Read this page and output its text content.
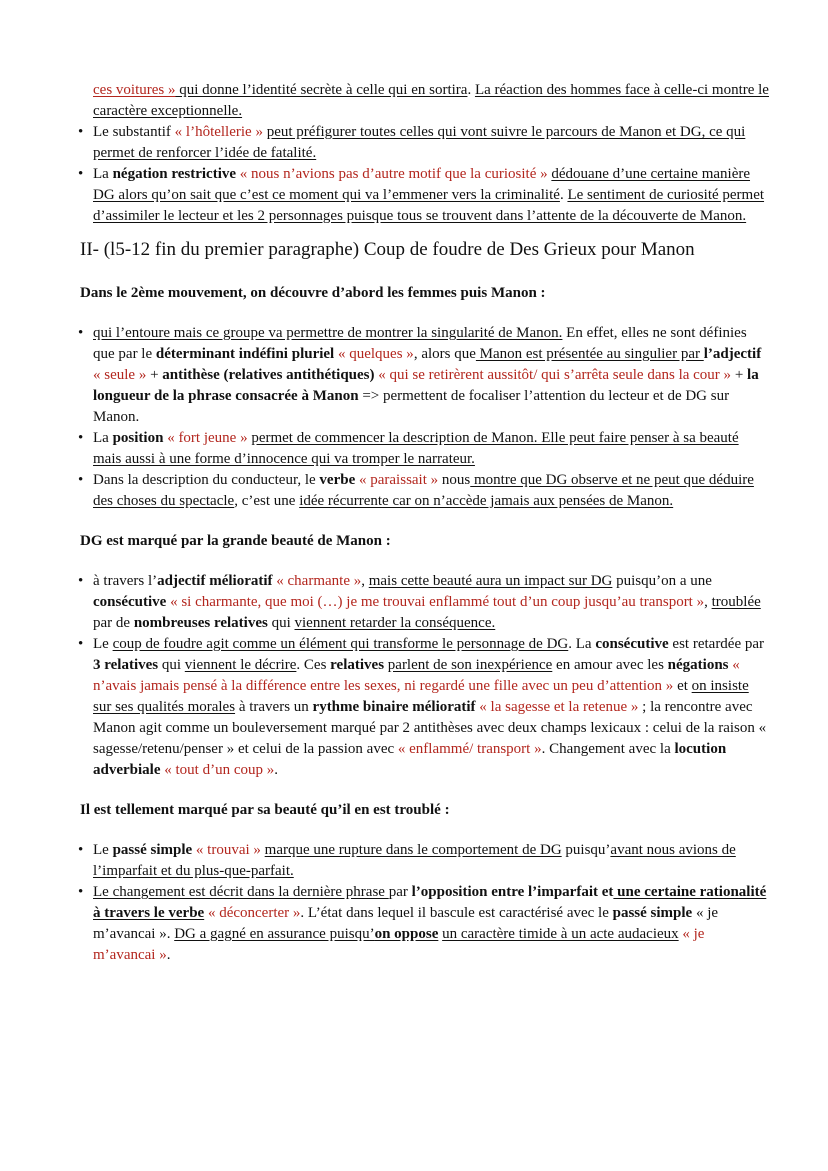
ces voitures » qui donne l’identité secrète à celle qui en sortira. La réaction des hommes face à celle-ci montre le caractère exceptionnelle.
• Le substantif « l’hôtellerie » peut préfigurer toutes celles qui vont suivre le parcours de Manon et DG, ce qui permet de renforcer l’idée de fatalité.
• La négation restrictive « nous n’avions pas d’autre motif que la curiosité » dédouane d’une certaine manière DG alors qu’on sait que c’est ce moment qui va l’emmener vers la criminalité. Le sentiment de curiosité permet d’assimiler le lecteur et les 2 personnages puisque tous se trouvent dans l’attente de la découverte de Manon.
II- (l5-12 fin du premier paragraphe) Coup de foudre de Des Grieux pour Manon

Dans le 2ème mouvement, on découvre d’abord les femmes puis Manon :

• qui l’entoure mais ce groupe va permettre de montrer la singularité de Manon. En effet, elles ne sont définies que par le déterminant indéfini pluriel « quelques », alors que Manon est présentée au singulier par l’adjectif « seule » + antithèse (relatives antithétiques) « qui se retirèrent aussitôt/ qui s’arrêta seule dans la cour » + la longueur de la phrase consacrée à Manon => permettent de focaliser l’attention du lecteur et de DG sur Manon.
• La position « fort jeune » permet de commencer la description de Manon. Elle peut faire penser à sa beauté mais aussi à une forme d’innocence qui va tromper le narrateur.
• Dans la description du conducteur, le verbe « paraissait » nous montre que DG observe et ne peut que déduire des choses du spectacle, c’est une idée récurrente car on n’accède jamais aux pensées de Manon.

DG est marqué par la grande beauté de Manon :

• à travers l’adjectif mélioratif « charmante », mais cette beauté aura un impact sur DG puisqu’on a une consécutive « si charmante, que moi (…) je me trouvai enflammé tout d’un coup jusqu’au transport », troublée par de nombreuses relatives qui viennent retarder la conséquence.
• Le coup de foudre agit comme un élément qui transforme le personnage de DG. La consécutive est retardée par 3 relatives qui viennent le décrire. Ces relatives parlent de son inexpérience en amour avec les négations « n’avais jamais pensé à la différence entre les sexes, ni regardé une fille avec un peu d’attention » et on insiste sur ses qualités morales à travers un rythme binaire mélioratif « la sagesse et la retenue » ; la rencontre avec Manon agit comme un bouleversement marqué par 2 antithèses avec deux champs lexicaux : celui de la raison « sagesse/retenu/penser » et celui de la passion avec « enflammé/ transport ». Changement avec la locution adverbiale « tout d’un coup ».

Il est tellement marqué par sa beauté qu’il en est troublé :

• Le passé simple « trouvai » marque une rupture dans le comportement de DG puisqu’avant nous avions de l’imparfait et du plus-que-parfait.
• Le changement est décrit dans la dernière phrase par l’opposition entre l’imparfait et une certaine rationalité à travers le verbe « déconcerter ». L’état dans lequel il bascule est caractérisé avec le passé simple « je m’avancai ». DG a gagné en assurance puisqu’on oppose un caractère timide à un acte audacieux « je m’avancai ».
